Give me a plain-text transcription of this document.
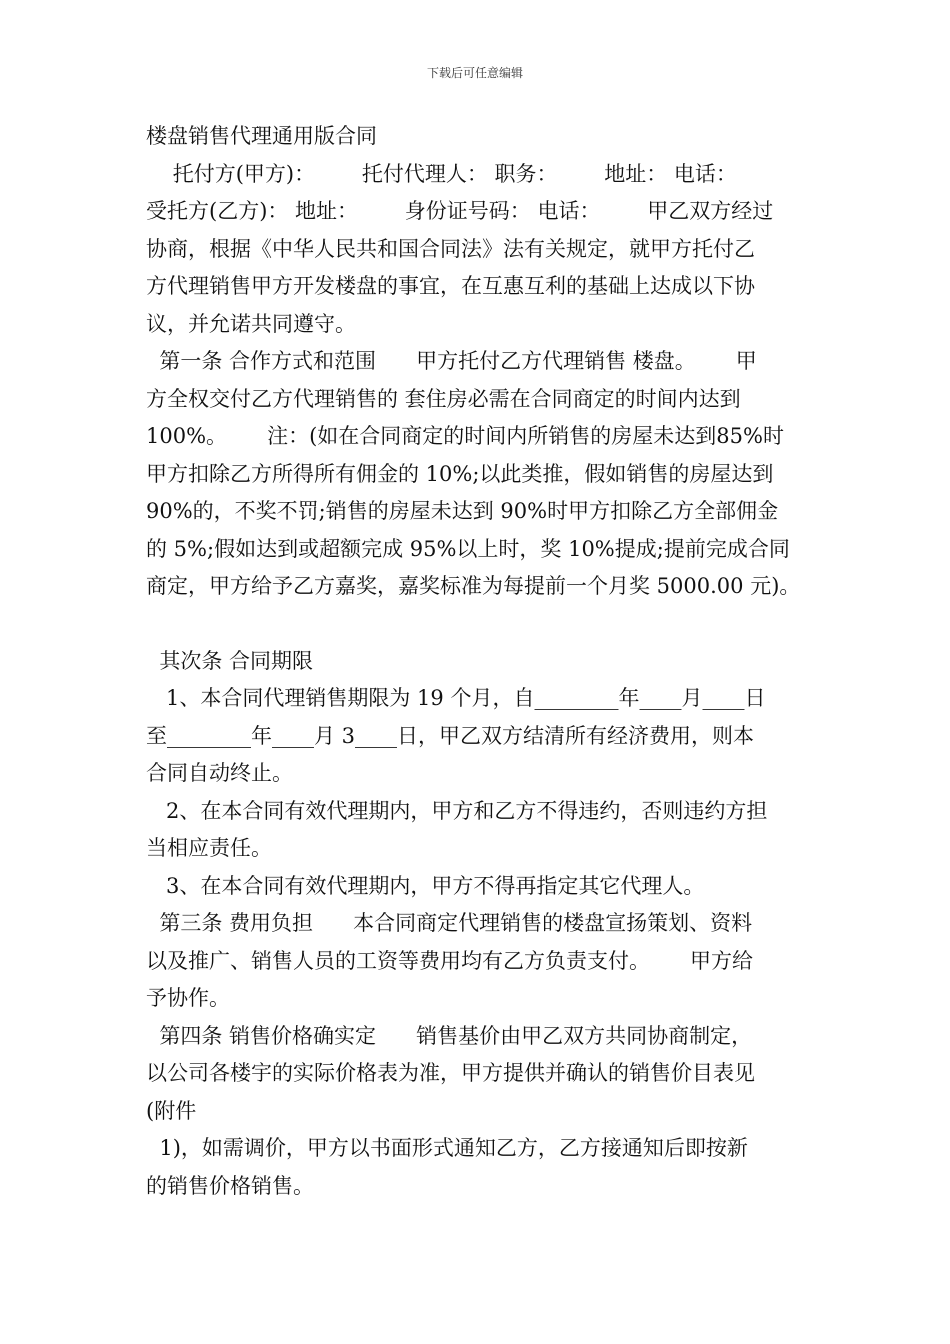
下载后可任意编辑
楼盘销售代理通用版合同
托付方(甲方)：       托付代理人： 职务：       地址： 电话：
受托方(乙方)： 地址：       身份证号码： 电话：       甲乙双方经过
协商，根据《中华人民共和国合同法》法有关规定，就甲方托付乙
方代理销售甲方开发楼盘的事宜，在互惠互利的基础上达成以下协
议，并允诺共同遵守。
第一条 合作方式和范围      甲方托付乙方代理销售 楼盘。      甲
方全权交付乙方代理销售的 套住房必需在合同商定的时间内达到
100%。      注：(如在合同商定的时间内所销售的房屋未达到85%时
甲方扣除乙方所得所有佣金的 10%;以此类推，假如销售的房屋达到
90%的，不奖不罚;销售的房屋未达到 90%时甲方扣除乙方全部佣金
的 5%;假如达到或超额完成 95%以上时，奖 10%提成;提前完成合同
商定，甲方给予乙方嘉奖，嘉奖标准为每提前一个月奖 5000.00 元)。
其次条 合同期限
1、本合同代理销售期限为 19 个月，自________年____月____日
至________年____月 3____日，甲乙双方结清所有经济费用，则本
合同自动终止。
2、在本合同有效代理期内，甲方和乙方不得违约，否则违约方担
当相应责任。
3、在本合同有效代理期内，甲方不得再指定其它代理人。
第三条 费用负担      本合同商定代理销售的楼盘宣扬策划、资料
以及推广、销售人员的工资等费用均有乙方负责支付。      甲方给
予协作。
第四条 销售价格确实定      销售基价由甲乙双方共同协商制定，
以公司各楼宇的实际价格表为准，甲方提供并确认的销售价目表见
(附件
1)，如需调价，甲方以书面形式通知乙方，乙方接通知后即按新
的销售价格销售。
